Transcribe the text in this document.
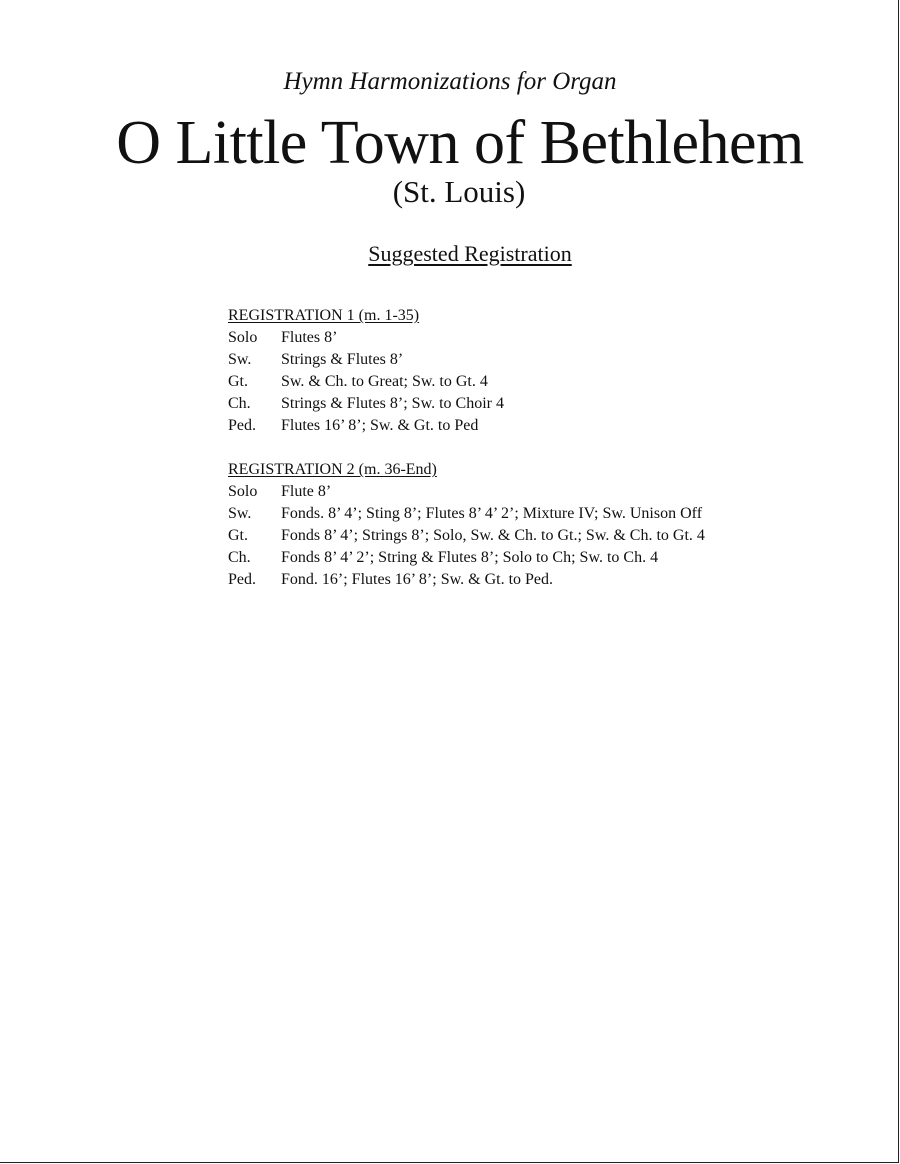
Hymn Harmonizations for Organ
O Little Town of Bethlehem
(St. Louis)
Suggested Registration
REGISTRATION 1 (m. 1-35)
Solo	Flutes 8’
Sw.	Strings & Flutes 8’
Gt.	Sw. & Ch. to Great; Sw. to Gt. 4
Ch.	Strings & Flutes 8’; Sw. to Choir 4
Ped.	Flutes 16’ 8’; Sw. & Gt. to Ped
REGISTRATION 2 (m. 36-End)
Solo	Flute 8’
Sw.	Fonds. 8’ 4’; Sting 8’; Flutes 8’ 4’ 2’; Mixture IV; Sw. Unison Off
Gt.	Fonds 8’ 4’; Strings 8’; Solo, Sw. & Ch. to Gt.; Sw. & Ch. to Gt. 4
Ch.	Fonds 8’ 4’ 2’; String & Flutes 8’; Solo to Ch; Sw. to Ch. 4
Ped.	Fond. 16’; Flutes 16’ 8’; Sw. & Gt. to Ped.
